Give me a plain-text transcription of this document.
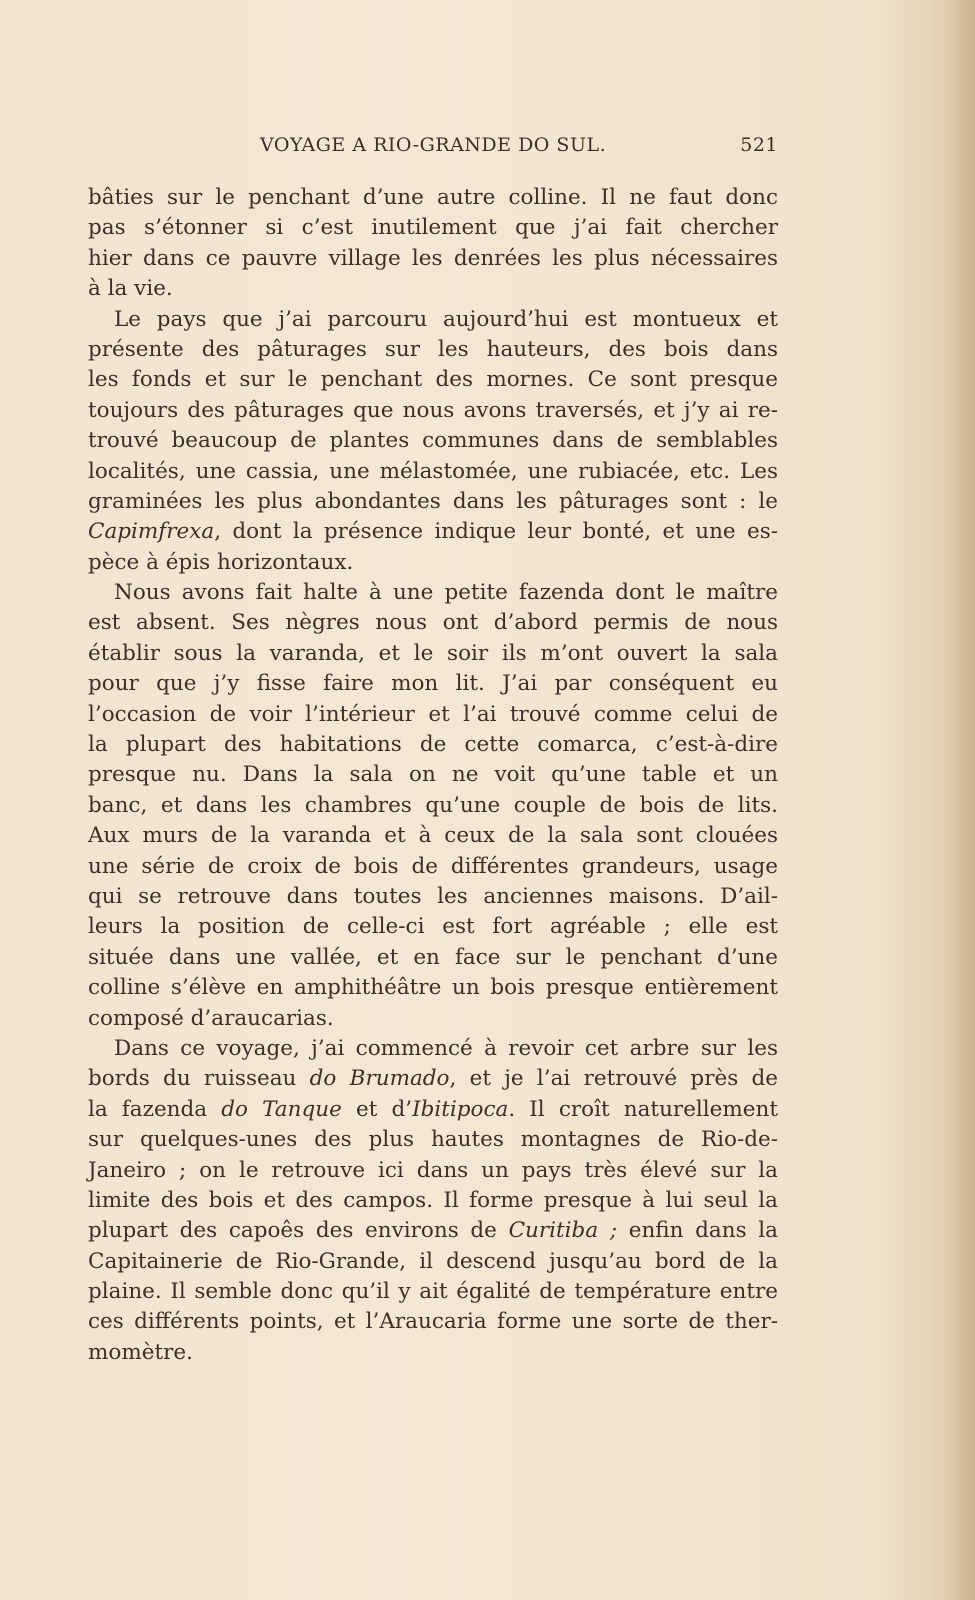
VOYAGE A RIO-GRANDE DO SUL.	521
bâties sur le penchant d’une autre colline. Il ne faut donc
pas s’étonner si c’est inutilement que j’ai fait chercher
hier dans ce pauvre village les denrées les plus nécessaires
à la vie.
Le pays que j’ai parcouru aujourd’hui est montueux et
présente des pâturages sur les hauteurs, des bois dans
les fonds et sur le penchant des mornes. Ce sont presque
toujours des pâturages que nous avons traversés, et j’y ai re-
trouvé beaucoup de plantes communes dans de semblables
localités, une cassia, une mélastomée, une rubiacée, etc. Les
graminées les plus abondantes dans les pâturages sont : le
Capimfrexa, dont la présence indique leur bonté, et une es-
pèce à épis horizontaux.
Nous avons fait halte à une petite fazenda dont le maître
est absent. Ses nègres nous ont d’abord permis de nous
établir sous la varanda, et le soir ils m’ont ouvert la sala
pour que j’y fisse faire mon lit. J’ai par conséquent eu
l’occasion de voir l’intérieur et l’ai trouvé comme celui de
la plupart des habitations de cette comarca, c’est-à-dire
presque nu. Dans la sala on ne voit qu’une table et un
banc, et dans les chambres qu’une couple de bois de lits.
Aux murs de la varanda et à ceux de la sala sont clouées
une série de croix de bois de différentes grandeurs, usage
qui se retrouve dans toutes les anciennes maisons. D’ail-
leurs la position de celle-ci est fort agréable ; elle est
située dans une vallée, et en face sur le penchant d’une
colline s’élève en amphithéâtre un bois presque entièrement
composé d’araucarias.
Dans ce voyage, j’ai commencé à revoir cet arbre sur les
bords du ruisseau do Brumado, et je l’ai retrouvé près de
la fazenda do Tanque et d’Ibitipoca. Il croît naturellement
sur quelques-unes des plus hautes montagnes de Rio-de-
Janeiro ; on le retrouve ici dans un pays très élevé sur la
limite des bois et des campos. Il forme presque à lui seul la
plupart des capoês des environs de Curitiba ; enfin dans la
Capitainerie de Rio-Grande, il descend jusqu’au bord de la
plaine. Il semble donc qu’il y ait égalité de température entre
ces différents points, et l’Araucaria forme une sorte de ther-
momètre.
